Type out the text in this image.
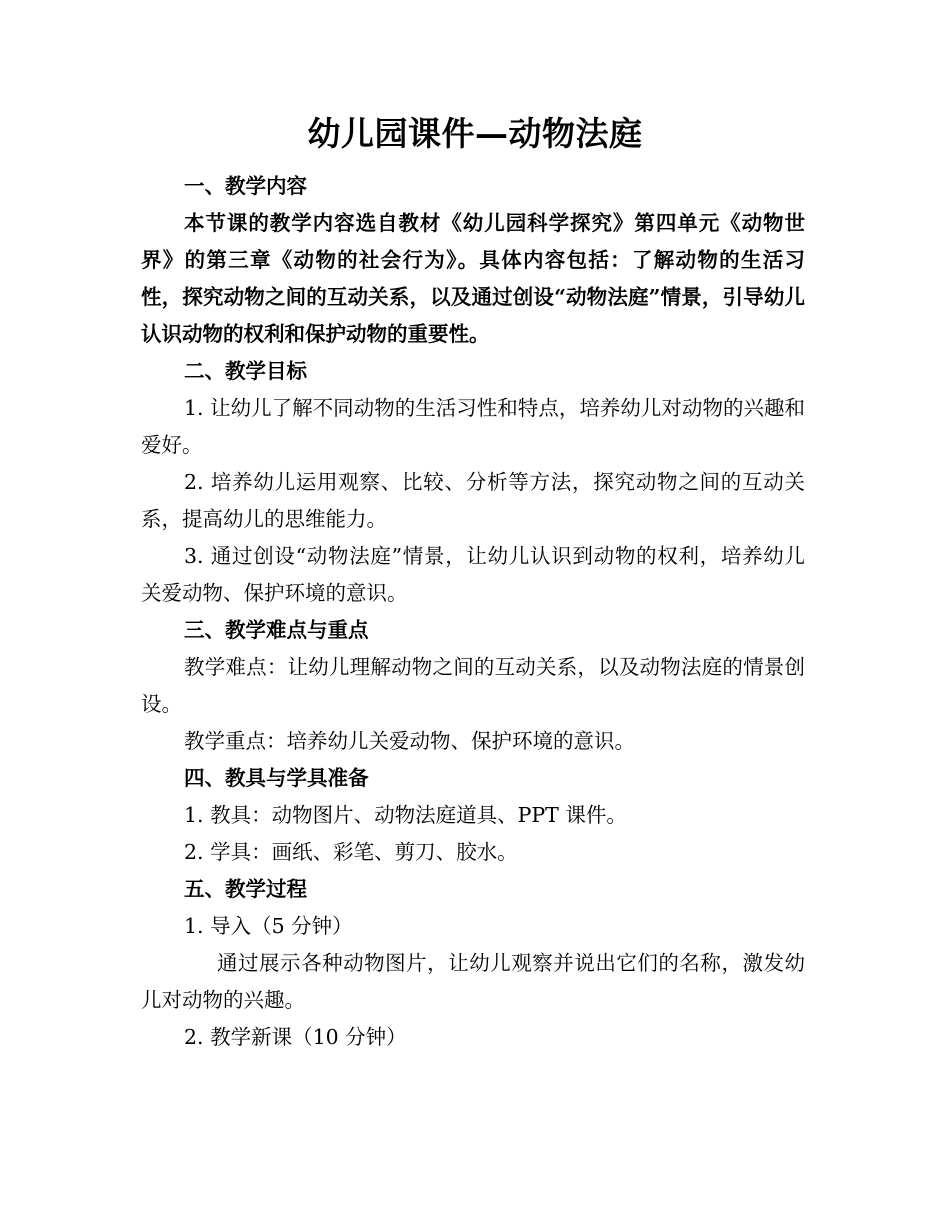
幼儿园课件—动物法庭

一、教学内容

本节课的教学内容选自教材《幼儿园科学探究》第四单元《动物世界》的第三章《动物的社会行为》。具体内容包括：了解动物的生活习性，探究动物之间的互动关系，以及通过创设“动物法庭”情景，引导幼儿认识动物的权利和保护动物的重要性。

二、教学目标

1. 让幼儿了解不同动物的生活习性和特点，培养幼儿对动物的兴趣和爱好。

2. 培养幼儿运用观察、比较、分析等方法，探究动物之间的互动关系，提高幼儿的思维能力。

3. 通过创设“动物法庭”情景，让幼儿认识到动物的权利，培养幼儿关爱动物、保护环境的意识。

三、教学难点与重点

教学难点：让幼儿理解动物之间的互动关系，以及动物法庭的情景创设。

教学重点：培养幼儿关爱动物、保护环境的意识。

四、教具与学具准备

1. 教具：动物图片、动物法庭道具、PPT 课件。

2. 学具：画纸、彩笔、剪刀、胶水。

五、教学过程

1. 导入（5 分钟）

通过展示各种动物图片，让幼儿观察并说出它们的名称，激发幼儿对动物的兴趣。

2. 教学新课（10 分钟）
